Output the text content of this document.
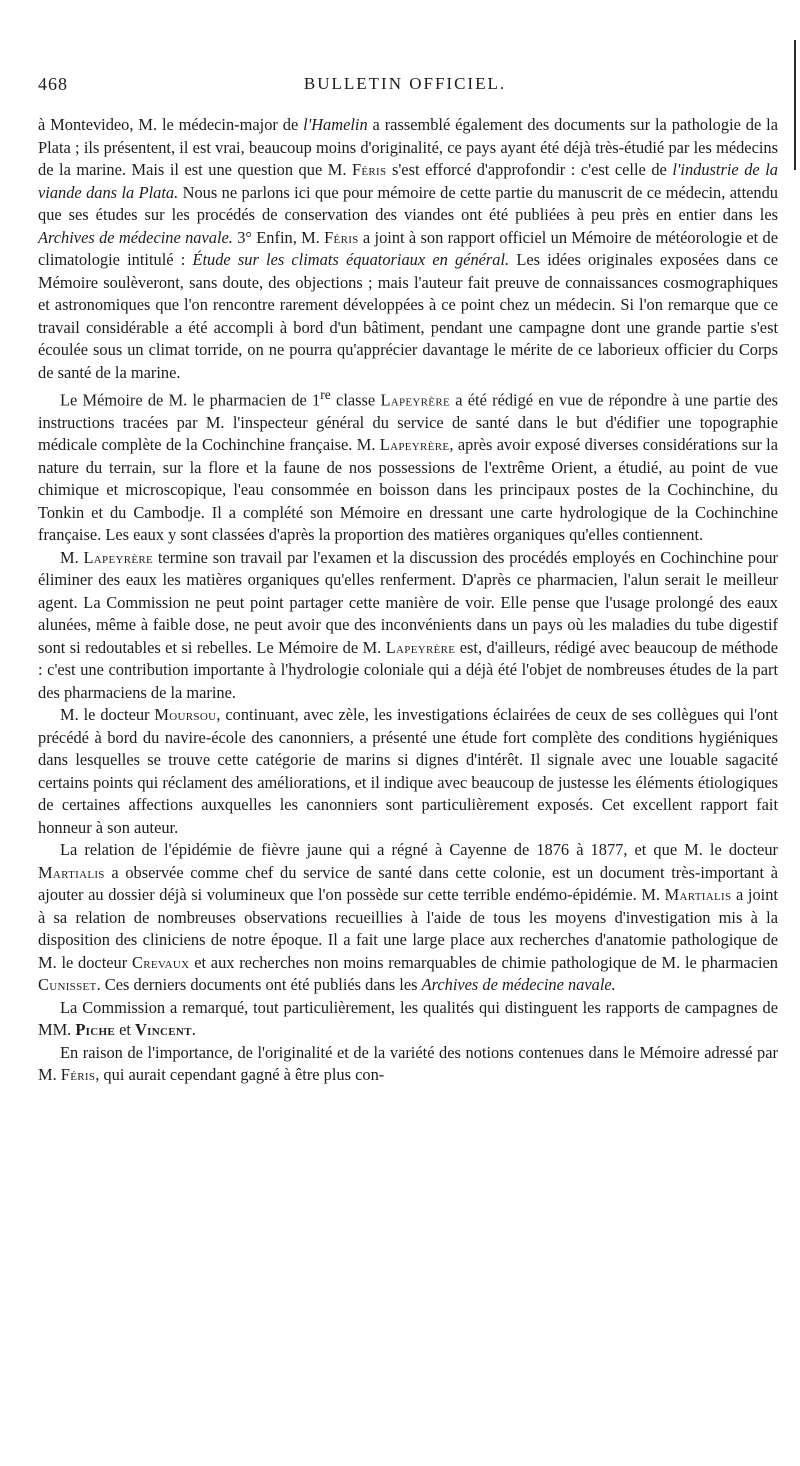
468	BULLETIN OFFICIEL.

à Montevideo, M. le médecin-major de l'Hamelin a rassemblé également des documents sur la pathologie de la Plata ; ils présentent, il est vrai, beaucoup moins d'originalité, ce pays ayant été déjà très-étudié par les médecins de la marine. Mais il est une question que M. Féris s'est efforcé d'approfondir : c'est celle de l'industrie de la viande dans la Plata. Nous ne parlons ici que pour mémoire de cette partie du manuscrit de ce médecin, attendu que ses études sur les procédés de conservation des viandes ont été publiées à peu près en entier dans les Archives de médecine navale. 3° Enfin, M. Féris a joint à son rapport officiel un Mémoire de météorologie et de climatologie intitulé : Étude sur les climats équatoriaux en général. Les idées originales exposées dans ce Mémoire soulèveront, sans doute, des objections ; mais l'auteur fait preuve de connaissances cosmographiques et astronomiques que l'on rencontre rarement développées à ce point chez un médecin. Si l'on remarque que ce travail considérable a été accompli à bord d'un bâtiment, pendant une campagne dont une grande partie s'est écoulée sous un climat torride, on ne pourra qu'apprécier davantage le mérite de ce laborieux officier du Corps de santé de la marine.

Le Mémoire de M. le pharmacien de 1re classe Lapeyrère a été rédigé en vue de répondre à une partie des instructions tracées par M. l'inspecteur général du service de santé dans le but d'édifier une topographie médicale complète de la Cochinchine française. M. Lapeyrère, après avoir exposé diverses considérations sur la nature du terrain, sur la flore et la faune de nos possessions de l'extrême Orient, a étudié, au point de vue chimique et microscopique, l'eau consommée en boisson dans les principaux postes de la Cochinchine, du Tonkin et du Cambodje. Il a complété son Mémoire en dressant une carte hydrologique de la Cochinchine française. Les eaux y sont classées d'après la proportion des matières organiques qu'elles contiennent.

M. Lapeyrère termine son travail par l'examen et la discussion des procédés employés en Cochinchine pour éliminer des eaux les matières organiques qu'elles renferment. D'après ce pharmacien, l'alun serait le meilleur agent. La Commission ne peut point partager cette manière de voir. Elle pense que l'usage prolongé des eaux alunées, même à faible dose, ne peut avoir que des inconvénients dans un pays où les maladies du tube digestif sont si redoutables et si rebelles. Le Mémoire de M. Lapeyrère est, d'ailleurs, rédigé avec beaucoup de méthode : c'est une contribution importante à l'hydrologie coloniale qui a déjà été l'objet de nombreuses études de la part des pharmaciens de la marine.

M. le docteur Moursou, continuant, avec zèle, les investigations éclairées de ceux de ses collègues qui l'ont précédé à bord du navire-école des canonniers, a présenté une étude fort complète des conditions hygiéniques dans lesquelles se trouve cette catégorie de marins si dignes d'intérêt. Il signale avec une louable sagacité certains points qui réclament des améliorations, et il indique avec beaucoup de justesse les éléments étiologiques de certaines affections auxquelles les canonniers sont particulièrement exposés. Cet excellent rapport fait honneur à son auteur.

La relation de l'épidémie de fièvre jaune qui a régné à Cayenne de 1876 à 1877, et que M. le docteur Martialis a observée comme chef du service de santé dans cette colonie, est un document très-important à ajouter au dossier déjà si volumineux que l'on possède sur cette terrible endémo-épidémie. M. Martialis a joint à sa relation de nombreuses observations recueillies à l'aide de tous les moyens d'investigation mis à la disposition des cliniciens de notre époque. Il a fait une large place aux recherches d'anatomie pathologique de M. le docteur Crevaux et aux recherches non moins remarquables de chimie pathologique de M. le pharmacien Cunisset. Ces derniers documents ont été publiés dans les Archives de médecine navale.

La Commission a remarqué, tout particulièrement, les qualités qui distinguent les rapports de campagnes de MM. Piche et Vincent.

En raison de l'importance, de l'originalité et de la variété des notions contenues dans le Mémoire adressé par M. Féris, qui aurait cependant gagné à être plus con-
